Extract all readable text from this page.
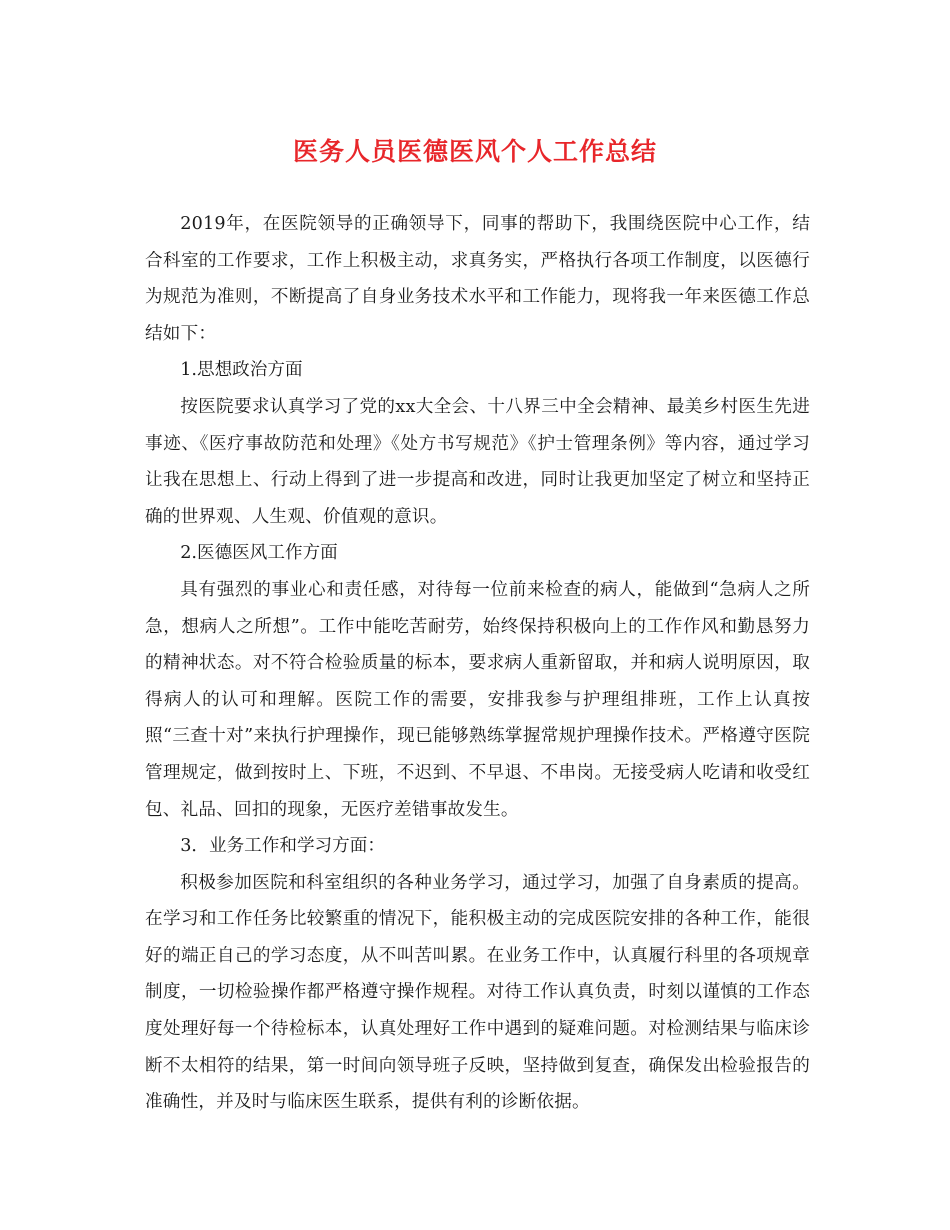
医务人员医德医风个人工作总结

2019年，在医院领导的正确领导下，同事的帮助下，我围绕医院中心工作，结合科室的工作要求，工作上积极主动，求真务实，严格执行各项工作制度，以医德行为规范为准则，不断提高了自身业务技术水平和工作能力，现将我一年来医德工作总结如下：

1.思想政治方面

按医院要求认真学习了党的xx大全会、十八界三中全会精神、最美乡村医生先进事迹、《医疗事故防范和处理》《处方书写规范》《护士管理条例》等内容，通过学习让我在思想上、行动上得到了进一步提高和改进，同时让我更加坚定了树立和坚持正确的世界观、人生观、价值观的意识。

2.医德医风工作方面

具有强烈的事业心和责任感，对待每一位前来检查的病人，能做到“急病人之所急，想病人之所想”。工作中能吃苦耐劳，始终保持积极向上的工作作风和勤恳努力的精神状态。对不符合检验质量的标本，要求病人重新留取，并和病人说明原因，取得病人的认可和理解。医院工作的需要，安排我参与护理组排班，工作上认真按照“三查十对”来执行护理操作，现已能够熟练掌握常规护理操作技术。严格遵守医院管理规定，做到按时上、下班，不迟到、不早退、不串岗。无接受病人吃请和收受红包、礼品、回扣的现象，无医疗差错事故发生。

3．业务工作和学习方面：

积极参加医院和科室组织的各种业务学习，通过学习，加强了自身素质的提高。在学习和工作任务比较繁重的情况下，能积极主动的完成医院安排的各种工作，能很好的端正自己的学习态度，从不叫苦叫累。在业务工作中，认真履行科里的各项规章制度，一切检验操作都严格遵守操作规程。对待工作认真负责，时刻以谨慎的工作态度处理好每一个待检标本，认真处理好工作中遇到的疑难问题。对检测结果与临床诊断不太相符的结果，第一时间向领导班子反映，坚持做到复查，确保发出检验报告的准确性，并及时与临床医生联系，提供有利的诊断依据。
